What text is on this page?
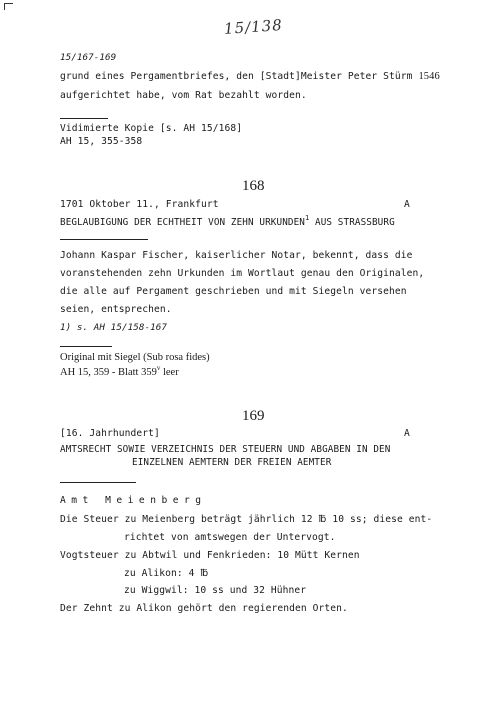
15/138
15/167-169
grund eines Pergamentbriefes, den [Stadt]Meister Peter Stürm 1546
aufgerichtet habe, vom Rat bezahlt worden.
Vidimierte Kopie [s. AH 15/168]
AH 15, 355-358
168
1701 Oktober 11., Frankfurt	A
BEGLAUBIGUNG DER ECHTHEIT VON ZEHN URKUNDEN$^1$ AUS STRASSBURG
Johann Kaspar Fischer, kaiserlicher Notar, bekennt, dass die
voranstehenden zehn Urkunden im Wortlaut genau den Originalen,
die alle auf Pergament geschrieben und mit Siegeln versehen
seien, entsprechen.
1) s. AH 15/158-167
Original mit Siegel (Sub rosa fides)
AH 15, 359 - Blatt 359$^v$ leer
169
[16. Jahrhundert]	A
AMTSRECHT SOWIE VERZEICHNIS DER STEUERN UND ABGABEN IN DEN
EINZELNEN AEMTERN DER FREIEN AEMTER
Amt Meienberg
Die Steuer zu Meienberg beträgt jährlich 12 ℔ 10 ss; diese ent-
richtet von amtswegen der Untervogt.
Vogtsteuer zu Abtwil und Fenkrieden: 10 Mütt Kernen
zu Alikon: 4 ℔
zu Wiggwil: 10 ss und 32 Hühner
Der Zehnt zu Alikon gehört den regierenden Orten.
